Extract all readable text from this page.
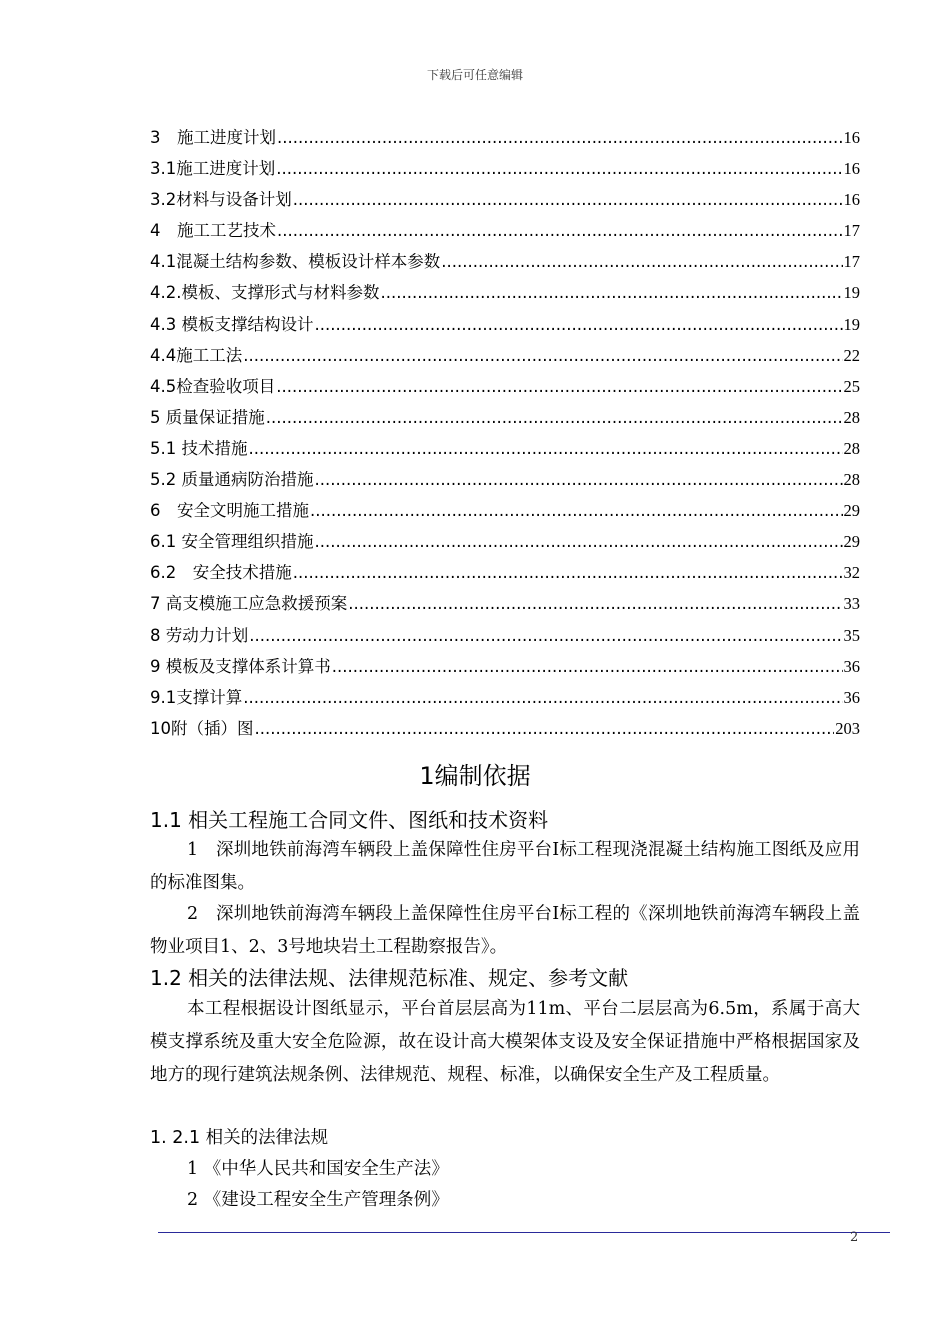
下载后可任意编辑
3　施工进度计划 .....	16
3.1施工进度计划 .....	16
3.2材料与设备计划 .....	16
4　施工工艺技术 .....	17
4.1混凝土结构参数、模板设计样本参数 .....	17
4.2.模板、支撑形式与材料参数 .....	19
4.3 模板支撑结构设计 .....	19
4.4施工工法 .....	22
4.5检查验收项目 .....	25
5 质量保证措施 .....	28
5.1 技术措施 .....	28
5.2 质量通病防治措施 .....	28
6　安全文明施工措施 .....	29
6.1 安全管理组织措施 .....	29
6.2　安全技术措施 .....	32
7 高支模施工应急救援预案 .....	33
8 劳动力计划 .....	35
9 模板及支撑体系计算书 .....	36
9.1支撑计算 .....	36
10附（插）图 .....	203
1编制依据
1.1 相关工程施工合同文件、图纸和技术资料
1　深圳地铁前海湾车辆段上盖保障性住房平台Ⅰ标工程现浇混凝土结构施工图纸及应用的标准图集。
2　深圳地铁前海湾车辆段上盖保障性住房平台Ⅰ标工程的《深圳地铁前海湾车辆段上盖物业项目1、2、3号地块岩土工程勘察报告》。
1.2 相关的法律法规、法律规范标准、规定、参考文献
本工程根据设计图纸显示，平台首层层高为11m、平台二层层高为6.5m，系属于高大模支撑系统及重大安全危险源，故在设计高大模架体支设及安全保证措施中严格根据国家及地方的现行建筑法规条例、法律规范、规程、标准，以确保安全生产及工程质量。
1. 2.1 相关的法律法规
1 《中华人民共和国安全生产法》
2 《建设工程安全生产管理条例》
2
